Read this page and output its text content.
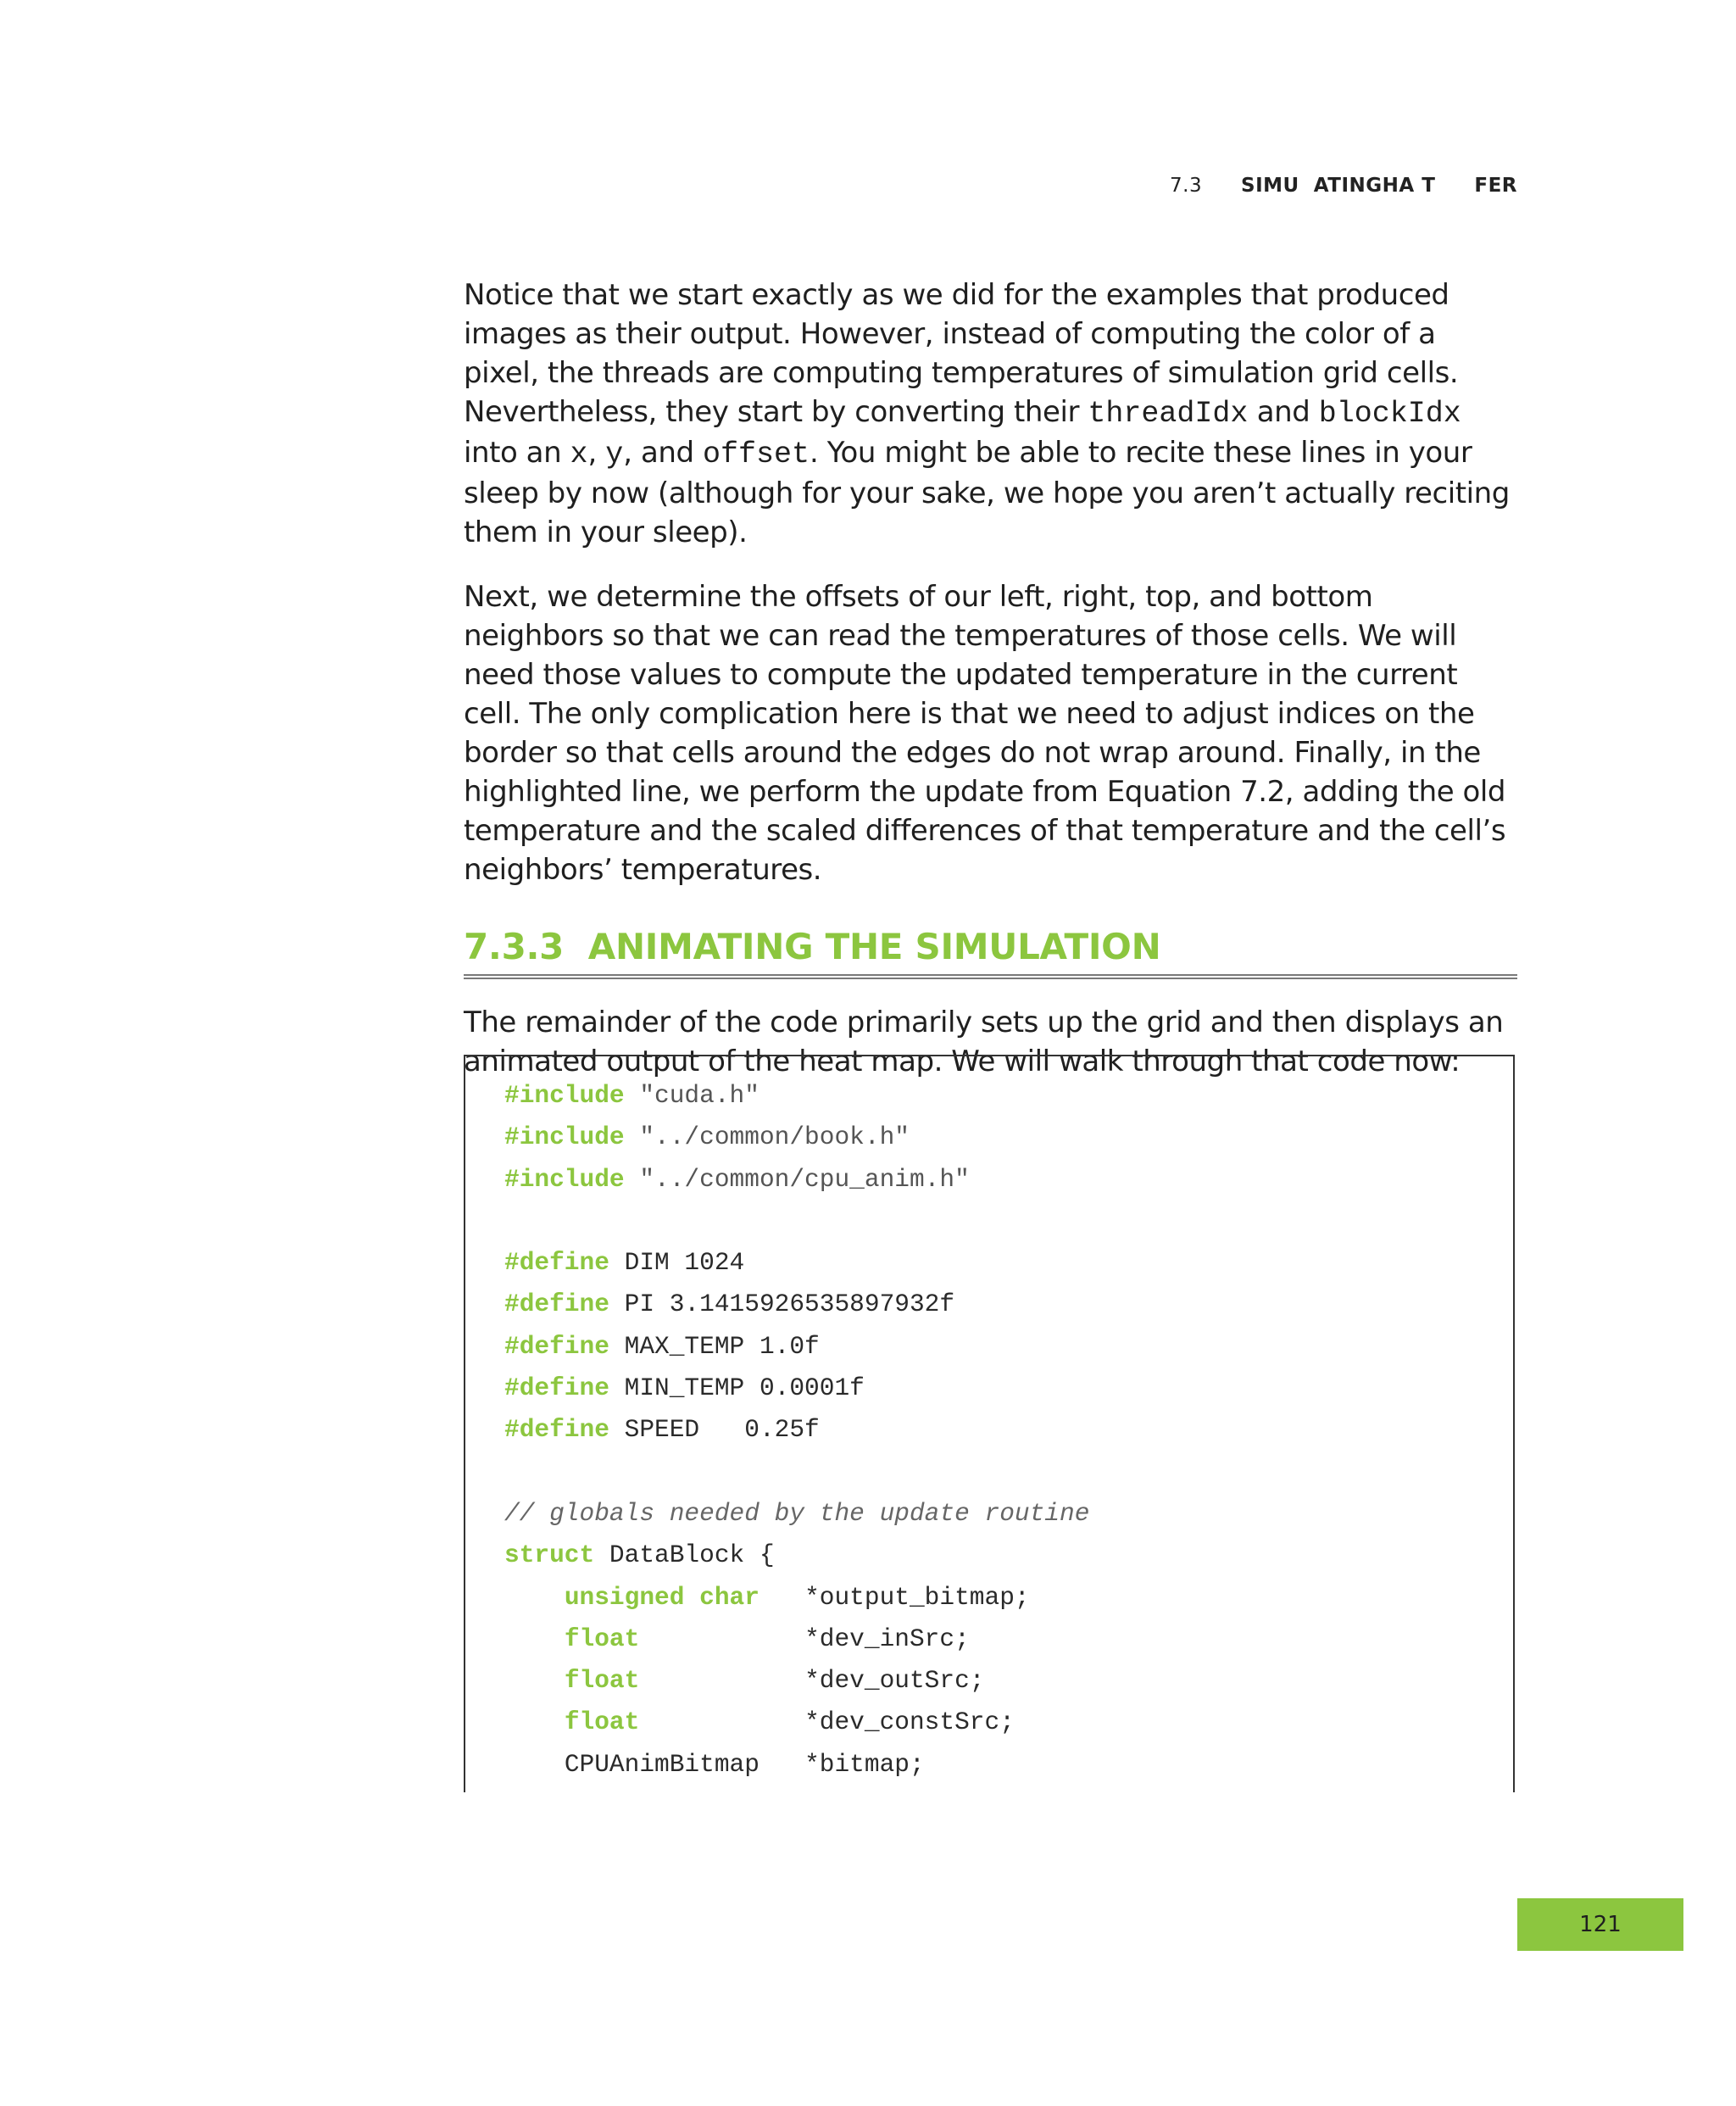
7.3 SIMU ATINGHA T FER

Notice that we start exactly as we did for the examples that produced images as their output. However, instead of computing the color of a pixel, the threads are computing temperatures of simulation grid cells. Nevertheless, they start by converting their threadIdx and blockIdx into an x, y, and offset. You might be able to recite these lines in your sleep by now (although for your sake, we hope you aren’t actually reciting them in your sleep).

Next, we determine the offsets of our left, right, top, and bottom neighbors so that we can read the temperatures of those cells. We will need those values to compute the updated temperature in the current cell. The only complication here is that we need to adjust indices on the border so that cells around the edges do not wrap around. Finally, in the highlighted line, we perform the update from Equation 7.2, adding the old temperature and the scaled differences of that temperature and the cell’s neighbors’ temperatures.

7.3.3 ANIMATING THE SIMULATION

The remainder of the code primarily sets up the grid and then displays an animated output of the heat map. We will walk through that code now:

#include "cuda.h"
#include "../common/book.h"
#include "../common/cpu_anim.h"
#define DIM 1024
#define PI 3.1415926535897932f
#define MAX_TEMP 1.0f
#define MIN_TEMP 0.0001f
#define SPEED   0.25f
// globals needed by the update routine
struct DataBlock {
unsigned char *output_bitmap;
float	*dev_inSrc;
float	*dev_outSrc;
float	*dev_constSrc;
CPUAnimBitmap *bitmap;
121
